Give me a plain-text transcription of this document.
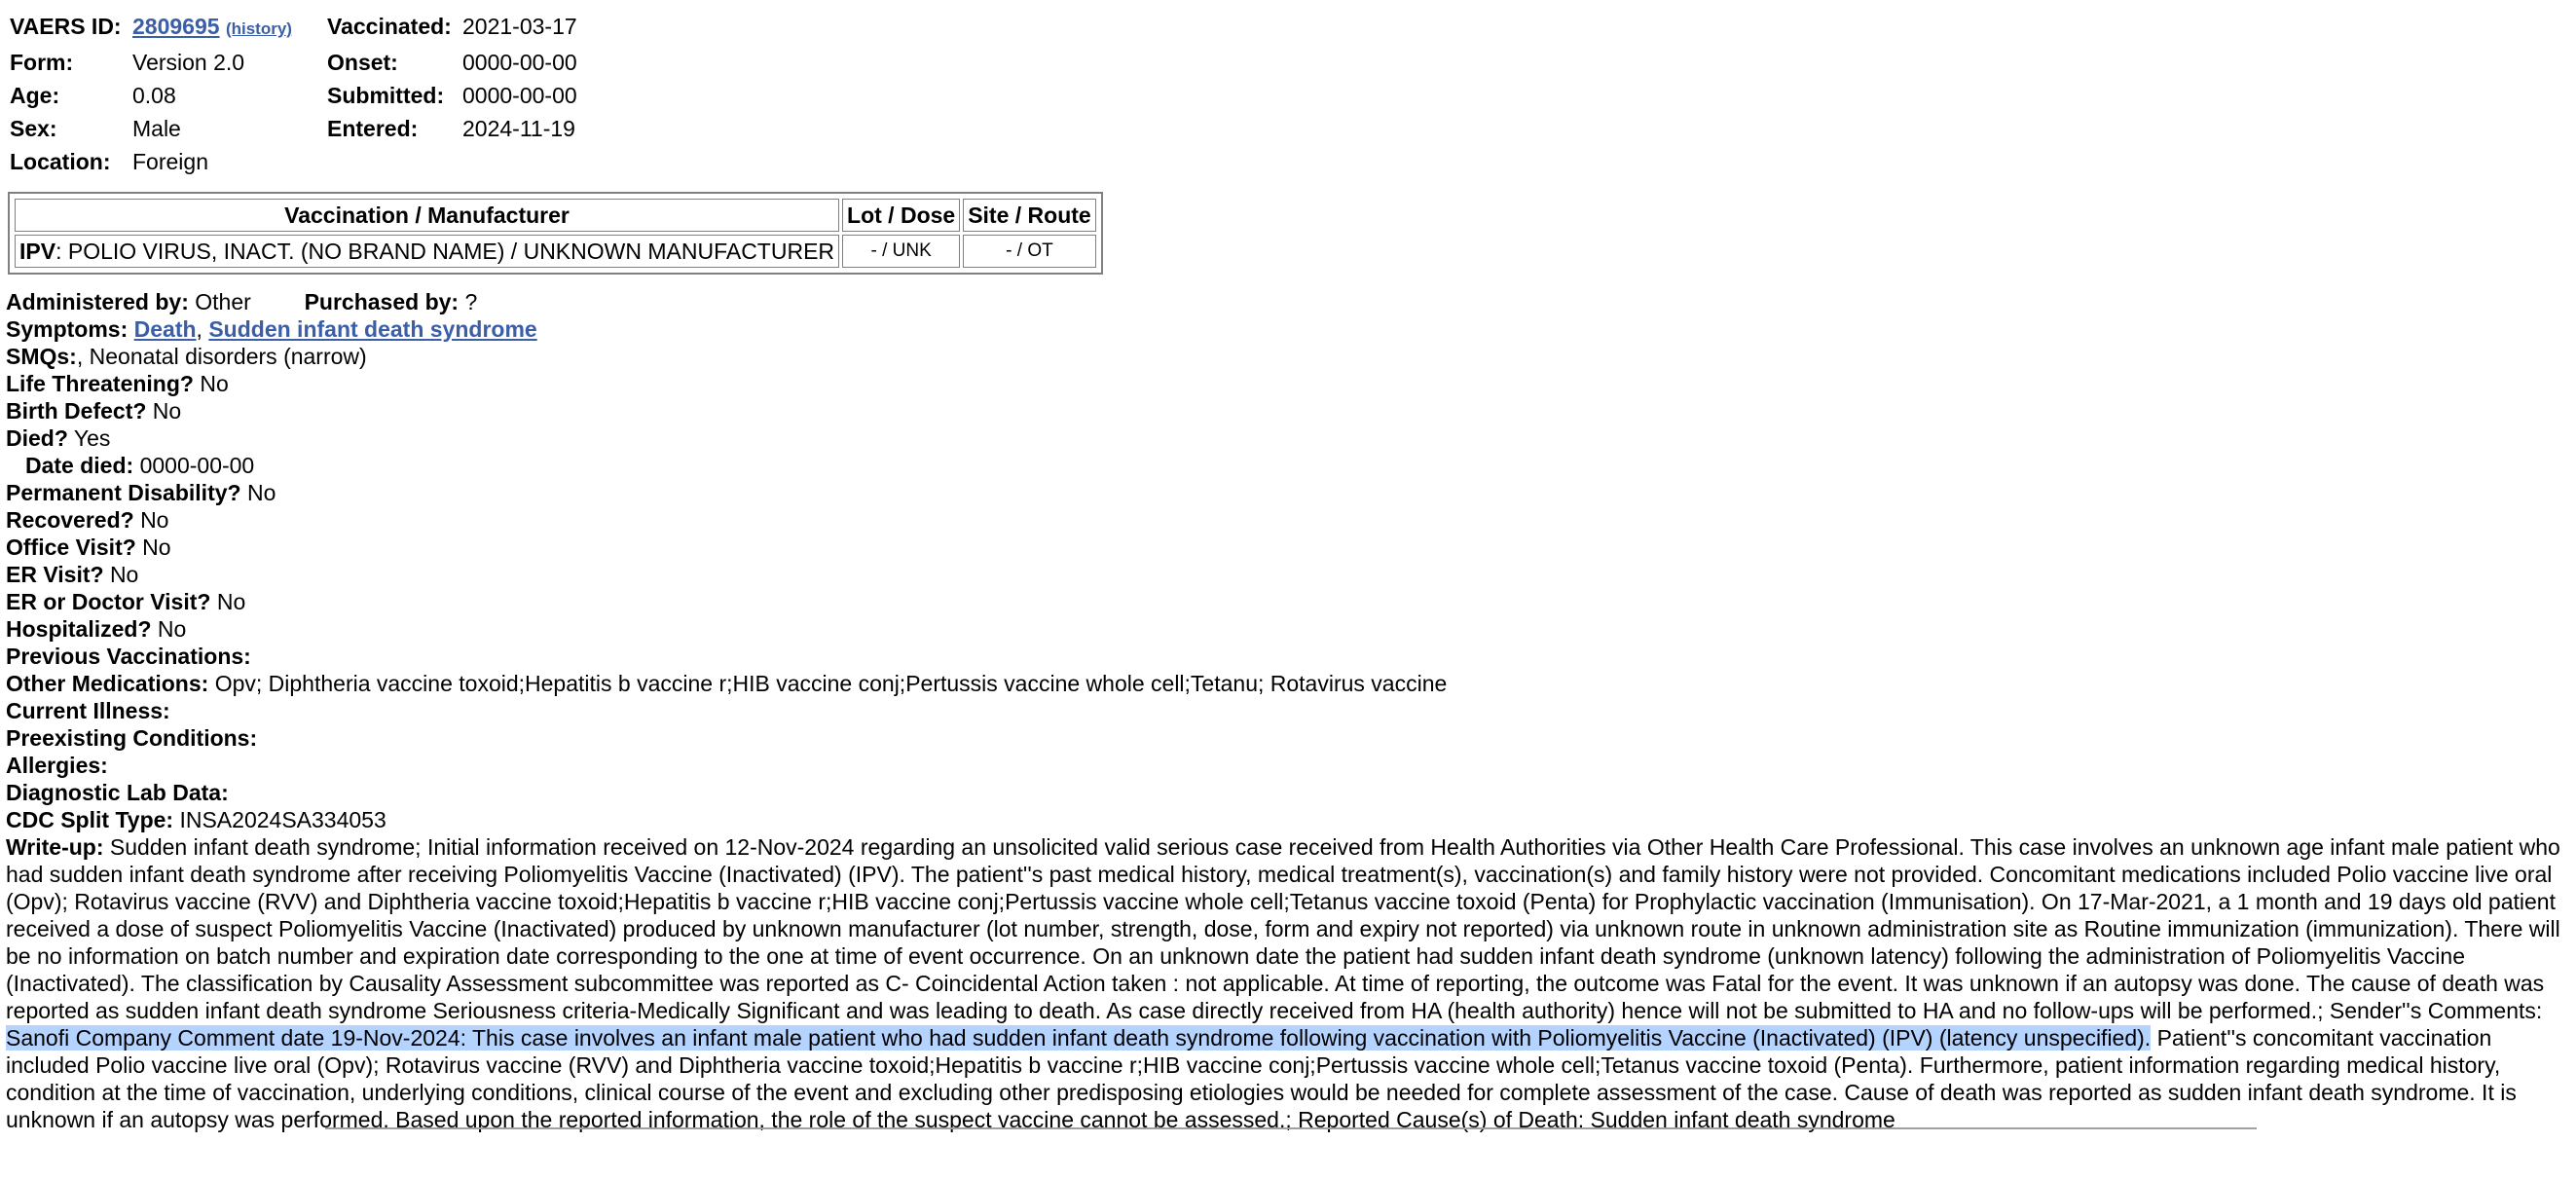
VAERS ID:	2809695 (history)	Vaccinated:	2021-03-17
Form:	Version 2.0	Onset:	0000-00-00
Age:	0.08	Submitted:	0000-00-00
Sex:	Male	Entered:	2024-11-19
Location:	Foreign		
Vaccination / Manufacturer	Lot / Dose	Site / Route
IPV: POLIO VIRUS, INACT. (NO BRAND NAME) / UNKNOWN MANUFACTURER	- / UNK	- / OT
Administered by: Other Purchased by: ?
Symptoms: Death, Sudden infant death syndrome
SMQs:, Neonatal disorders (narrow)
Life Threatening? No
Birth Defect? No
Died? Yes
Date died: 0000-00-00
Permanent Disability? No
Recovered? No
Office Visit? No
ER Visit? No
ER or Doctor Visit? No
Hospitalized? No
Previous Vaccinations:
Other Medications: Opv; Diphtheria vaccine toxoid;Hepatitis b vaccine r;HIB vaccine conj;Pertussis vaccine whole cell;Tetanu; Rotavirus vaccine
Current Illness:
Preexisting Conditions:
Allergies:
Diagnostic Lab Data:
CDC Split Type: INSA2024SA334053
Write-up: Sudden infant death syndrome; Initial information received on 12-Nov-2024 regarding an unsolicited valid serious case received from Health Authorities via Other Health Care Professional. This case involves an unknown age infant male patient who had sudden infant death syndrome after receiving Poliomyelitis Vaccine (Inactivated) (IPV). The patient''s past medical history, medical treatment(s), vaccination(s) and family history were not provided. Concomitant medications included Polio vaccine live oral (Opv); Rotavirus vaccine (RVV) and Diphtheria vaccine toxoid;Hepatitis b vaccine r;HIB vaccine conj;Pertussis vaccine whole cell;Tetanus vaccine toxoid (Penta) for Prophylactic vaccination (Immunisation). On 17-Mar-2021, a 1 month and 19 days old patient received a dose of suspect Poliomyelitis Vaccine (Inactivated) produced by unknown manufacturer (lot number, strength, dose, form and expiry not reported) via unknown route in unknown administration site as Routine immunization (immunization). There will be no information on batch number and expiration date corresponding to the one at time of event occurrence. On an unknown date the patient had sudden infant death syndrome (unknown latency) following the administration of Poliomyelitis Vaccine (Inactivated). The classification by Causality Assessment subcommittee was reported as C- Coincidental Action taken : not applicable. At time of reporting, the outcome was Fatal for the event. It was unknown if an autopsy was done. The cause of death was reported as sudden infant death syndrome Seriousness criteria-Medically Significant and was leading to death. As case directly received from HA (health authority) hence will not be submitted to HA and no follow-ups will be performed.; Sender''s Comments: Sanofi Company Comment date 19-Nov-2024: This case involves an infant male patient who had sudden infant death syndrome following vaccination with Poliomyelitis Vaccine (Inactivated) (IPV) (latency unspecified). Patient''s concomitant vaccination included Polio vaccine live oral (Opv); Rotavirus vaccine (RVV) and Diphtheria vaccine toxoid;Hepatitis b vaccine r;HIB vaccine conj;Pertussis vaccine whole cell;Tetanus vaccine toxoid (Penta). Furthermore, patient information regarding medical history, condition at the time of vaccination, underlying conditions, clinical course of the event and excluding other predisposing etiologies would be needed for complete assessment of the case. Cause of death was reported as sudden infant death syndrome. It is unknown if an autopsy was performed. Based upon the reported information, the role of the suspect vaccine cannot be assessed.; Reported Cause(s) of Death: Sudden infant death syndrome
